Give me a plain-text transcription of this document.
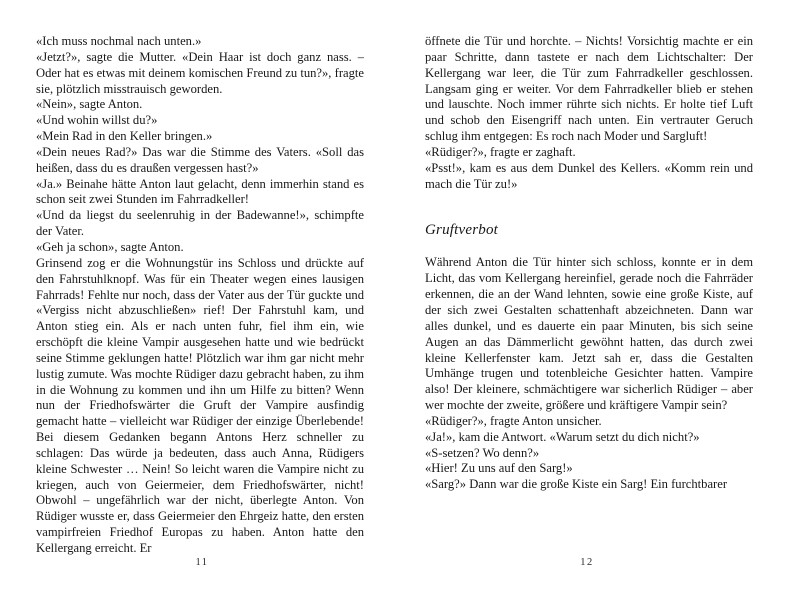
«Ich muss nochmal nach unten.»

«Jetzt?», sagte die Mutter. «Dein Haar ist doch ganz nass. – Oder hat es etwas mit deinem komischen Freund zu tun?», fragte sie, plötzlich misstrauisch geworden.

«Nein», sagte Anton.

«Und wohin willst du?»

«Mein Rad in den Keller bringen.»

«Dein neues Rad?» Das war die Stimme des Vaters. «Soll das heißen, dass du es draußen vergessen hast?»

«Ja.» Beinahe hätte Anton laut gelacht, denn immerhin stand es schon seit zwei Stunden im Fahrradkeller!

«Und da liegst du seelenruhig in der Badewanne!», schimpfte der Vater.

«Geh ja schon», sagte Anton.

Grinsend zog er die Wohnungstür ins Schloss und drückte auf den Fahrstuhlknopf. Was für ein Theater wegen eines lausigen Fahrrads! Fehlte nur noch, dass der Vater aus der Tür guckte und «Vergiss nicht abzuschließen» rief! Der Fahrstuhl kam, und Anton stieg ein. Als er nach unten fuhr, fiel ihm ein, wie erschöpft die kleine Vampir ausgesehen hatte und wie bedrückt seine Stimme geklungen hatte! Plötzlich war ihm gar nicht mehr lustig zumute. Was mochte Rüdiger dazu gebracht haben, zu ihm in die Wohnung zu kommen und ihn um Hilfe zu bitten? Wenn nun der Friedhofswärter die Gruft der Vampire ausfindig gemacht hatte – vielleicht war Rüdiger der einzige Überlebende! Bei diesem Gedanken begann Antons Herz schneller zu schlagen: Das würde ja bedeuten, dass auch Anna, Rüdigers kleine Schwester … Nein! So leicht waren die Vampire nicht zu kriegen, auch von Geiermeier, dem Friedhofswärter, nicht! Obwohl – ungefährlich war der nicht, überlegte Anton. Von Rüdiger wusste er, dass Geiermeier den Ehrgeiz hatte, den ersten vampirfreien Friedhof Europas zu haben. Anton hatte den Kellergang erreicht. Er

11

öffnete die Tür und horchte. – Nichts! Vorsichtig machte er ein paar Schritte, dann tastete er nach dem Lichtschalter: Der Kellergang war leer, die Tür zum Fahrradkeller geschlossen. Langsam ging er weiter. Vor dem Fahrradkeller blieb er stehen und lauschte. Noch immer rührte sich nichts. Er holte tief Luft und schob den Eisengriff nach unten. Ein vertrauter Geruch schlug ihm entgegen: Es roch nach Moder und Sargluft!

«Rüdiger?», fragte er zaghaft.

«Psst!», kam es aus dem Dunkel des Kellers. «Komm rein und mach die Tür zu!»

Gruftverbot

Während Anton die Tür hinter sich schloss, konnte er in dem Licht, das vom Kellergang hereinfiel, gerade noch die Fahrräder erkennen, die an der Wand lehnten, sowie eine große Kiste, auf der sich zwei Gestalten schattenhaft abzeichneten. Dann war alles dunkel, und es dauerte ein paar Minuten, bis sich seine Augen an das Dämmerlicht gewöhnt hatten, das durch zwei kleine Kellerfenster kam. Jetzt sah er, dass die Gestalten Umhänge trugen und totenbleiche Gesichter hatten. Vampire also! Der kleinere, schmächtigere war sicherlich Rüdiger – aber wer mochte der zweite, größere und kräftigere Vampir sein?

«Rüdiger?», fragte Anton unsicher.

«Ja!», kam die Antwort. «Warum setzt du dich nicht?»

«S-setzen? Wo denn?»

«Hier! Zu uns auf den Sarg!»

«Sarg?» Dann war die große Kiste ein Sarg! Ein furchtbarer

12
